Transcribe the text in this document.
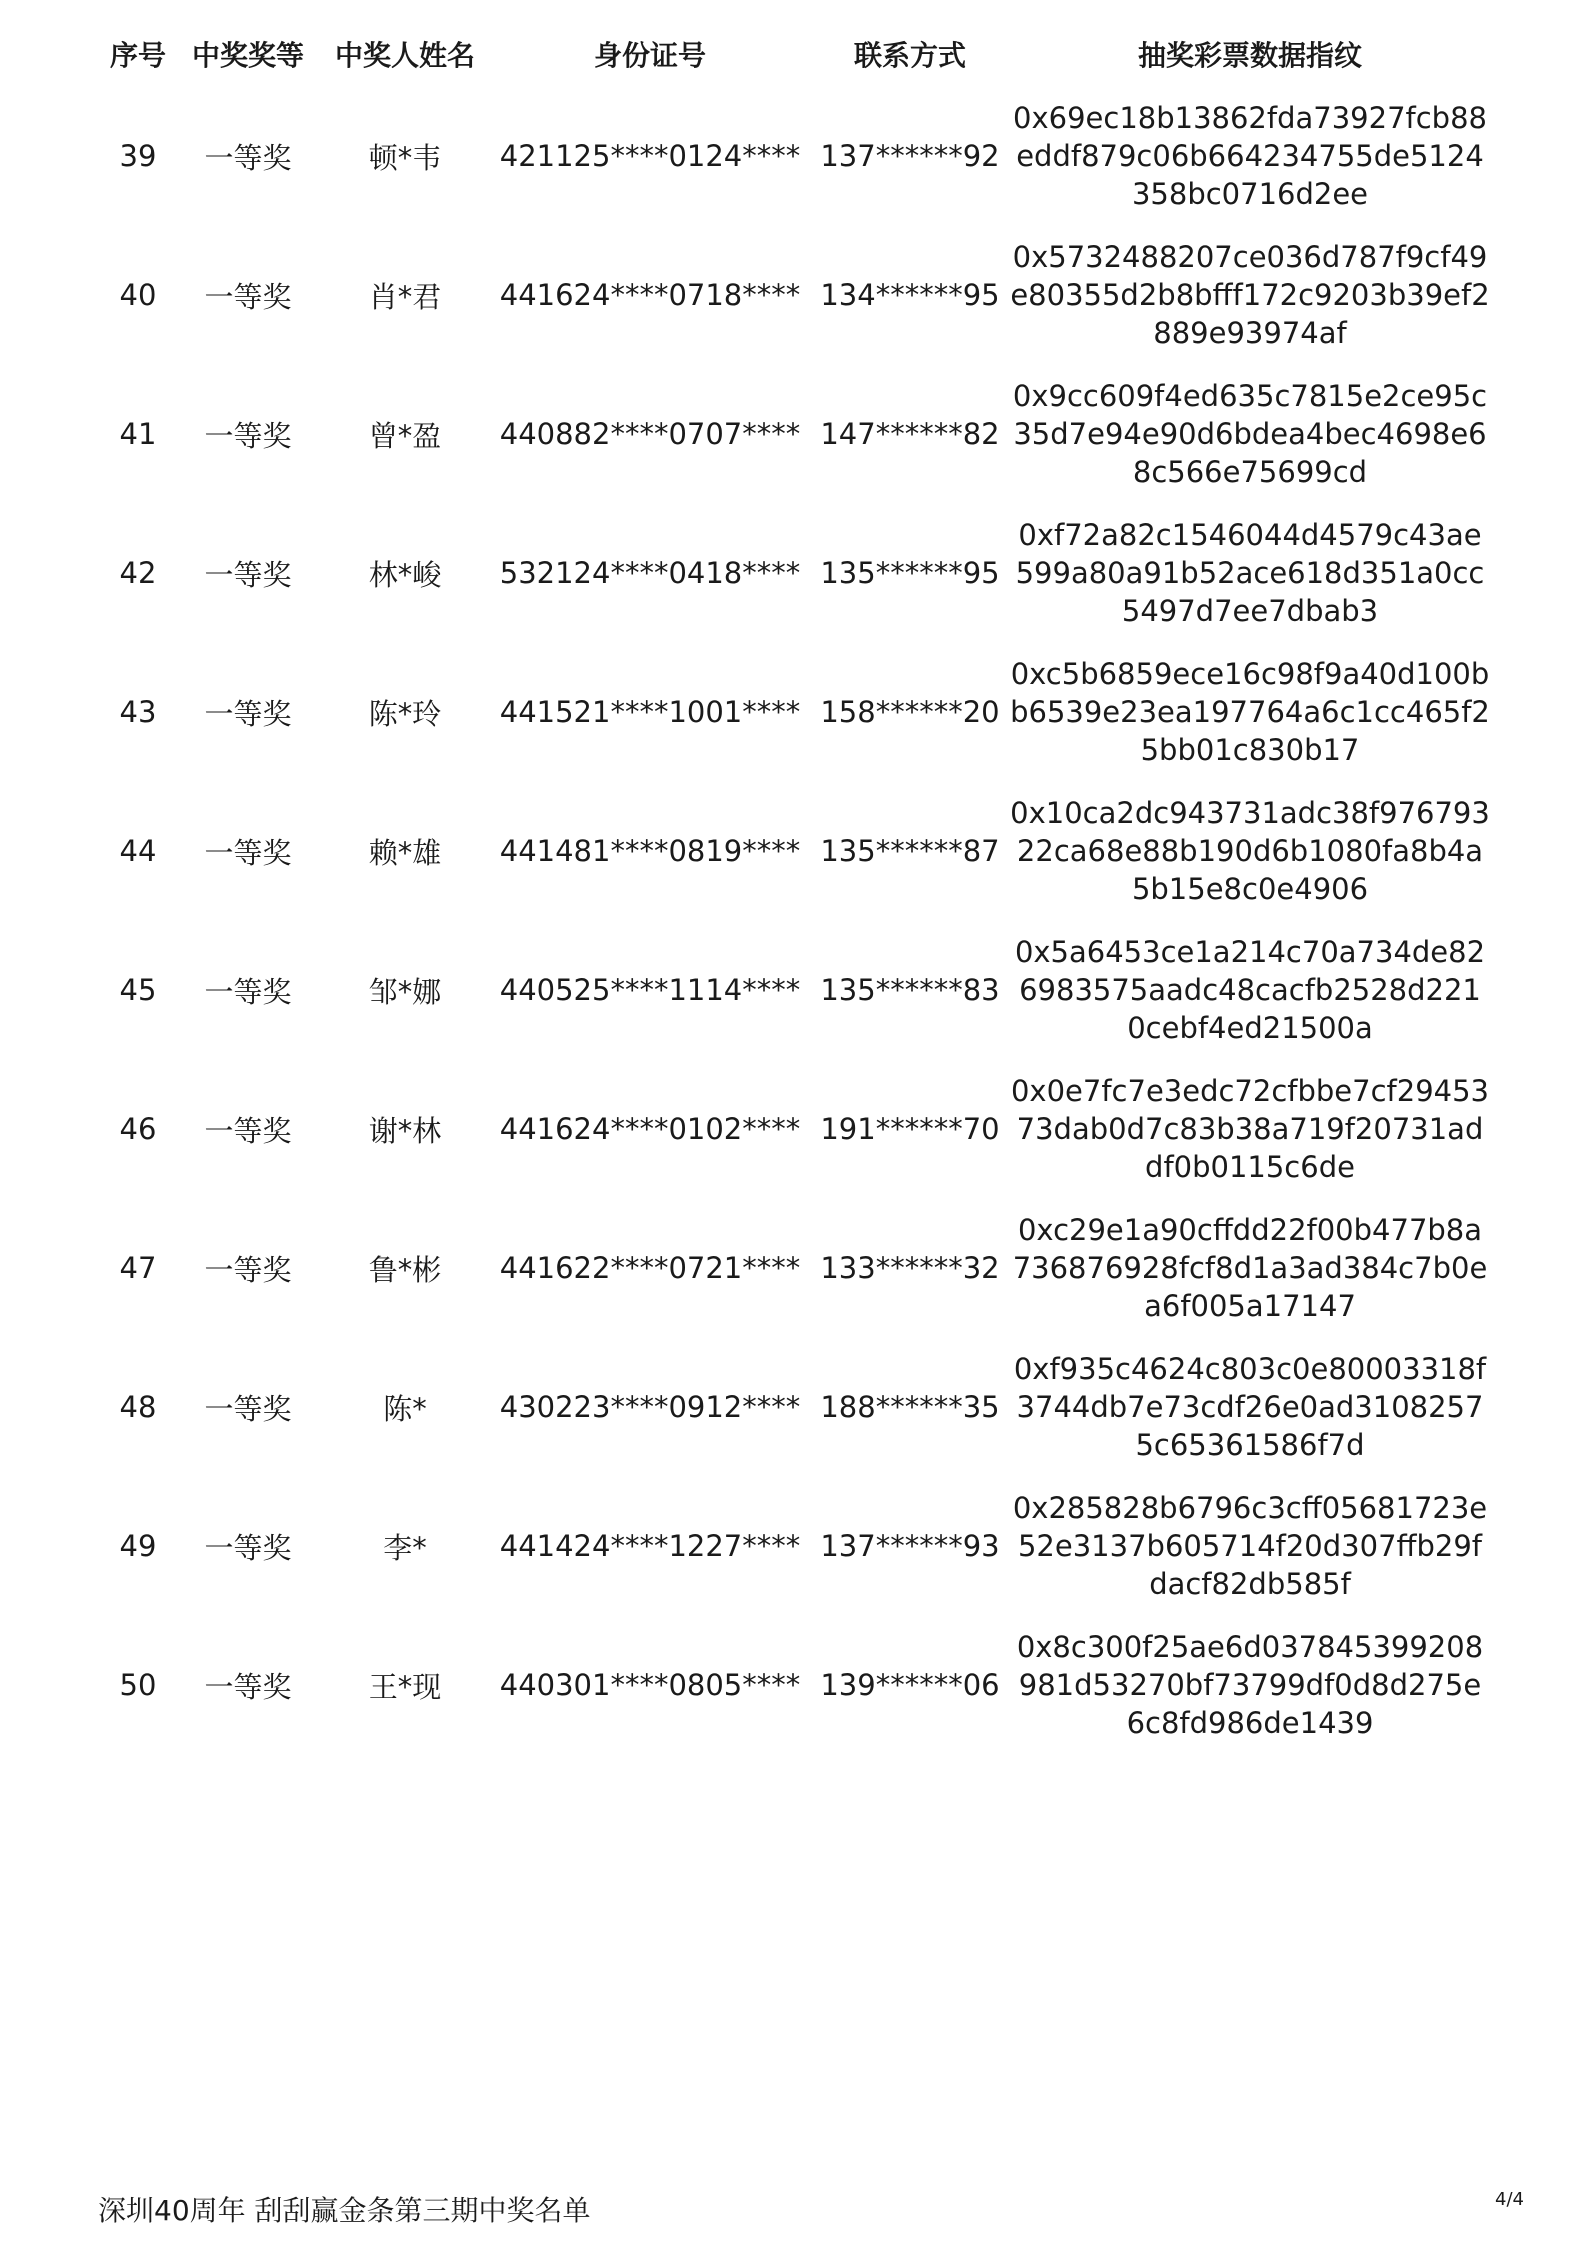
序号 中奖奖等	中奖人姓名	身份证号	联系方式	抽奖彩票数据指纹
39	一等奖	顿*韦	421125****0124**** 137******92
0x69ec18b13862fda73927fcb88eddf879c06b664234755de5124358bc0716d2ee
40	一等奖	肖*君	441624****0718**** 134******95
0x5732488207ce036d787f9cf49e80355d2b8bfff172c9203b39ef2889e93974af
41	一等奖	曾*盈	440882****0707**** 147******82
0x9cc609f4ed635c7815e2ce95c35d7e94e90d6bdea4bec4698e68c566e75699cd
42	一等奖	林*峻	532124****0418**** 135******95
0xf72a82c1546044d4579c43ae599a80a91b52ace618d351a0cc5497d7ee7dbab3
43	一等奖	陈*玲	441521****1001**** 158******20
0xc5b6859ece16c98f9a40d100bb6539e23ea197764a6c1cc465f25bb01c830b17
44	一等奖	赖*雄	441481****0819**** 135******87
0x10ca2dc943731adc38f97679322ca68e88b190d6b1080fa8b4a5b15e8c0e4906
45	一等奖	邹*娜	440525****1114**** 135******83
0x5a6453ce1a214c70a734de826983575aadc48cacfb2528d2210cebf4ed21500a
46	一等奖	谢*林	441624****0102**** 191******70
0x0e7fc7e3edc72cfbbe7cf2945373dab0d7c83b38a719f20731addf0b0115c6de
47	一等奖	鲁*彬	441622****0721**** 133******32
0xc29e1a90cffdd22f00b477b8a736876928fcf8d1a3ad384c7b0ea6f005a17147
48	一等奖	陈*	430223****0912**** 188******35
0xf935c4624c803c0e80003318f3744db7e73cdf26e0ad31082575c65361586f7d
49	一等奖	李*	441424****1227**** 137******93
0x285828b6796c3cff05681723e52e3137b605714f20d307ffb29fdacf82db585f
50	一等奖	王*现	440301****0805**** 139******06
0x8c300f25ae6d037845399208981d53270bf73799df0d8d275e6c8fd986de1439
深圳40周年 刮刮赢金条第三期中奖名单	4/4
